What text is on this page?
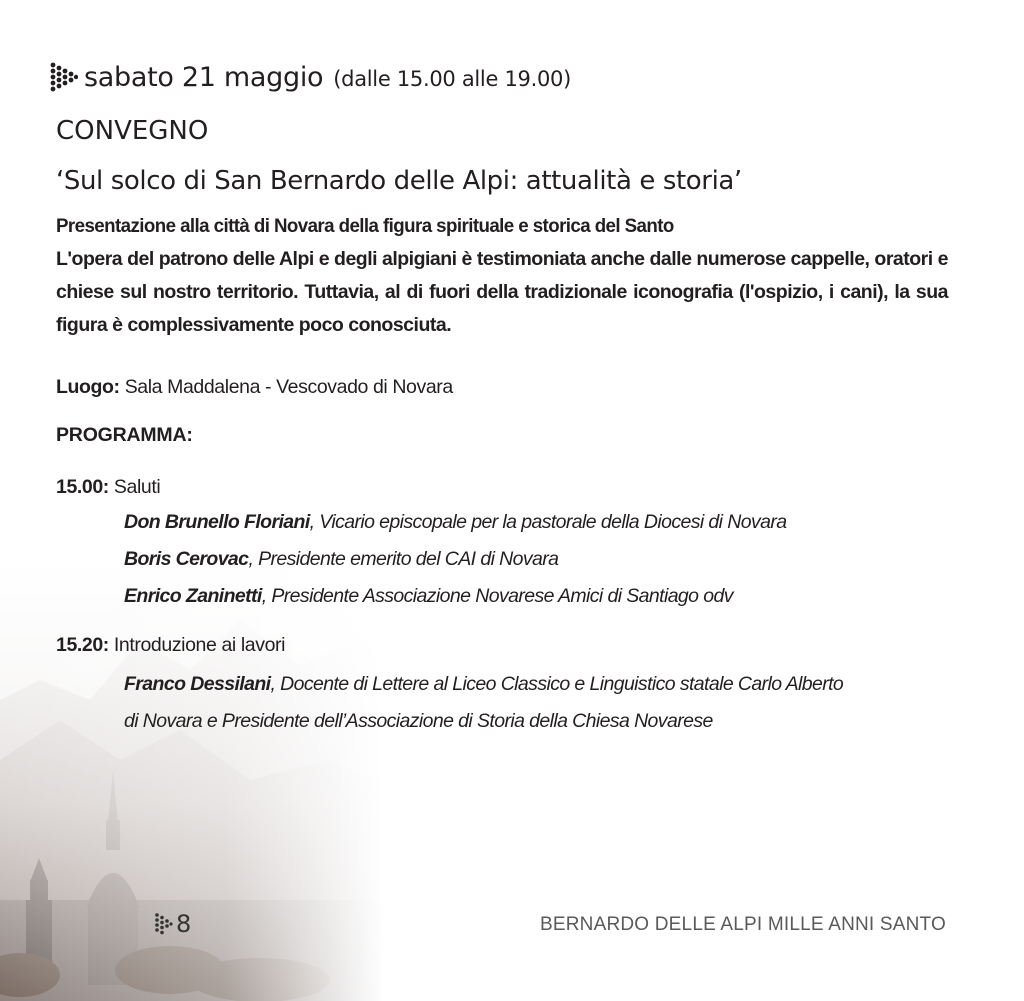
sabato 21 maggio (dalle 15.00 alle 19.00)
CONVEGNO
‘Sul solco di San Bernardo delle Alpi: attualità e storia’
Presentazione alla città di Novara della figura spirituale e storica del Santo
L'opera del patrono delle Alpi e degli alpigiani è testimoniata anche dalle numerose cappelle, oratori e chiese sul nostro territorio. Tuttavia, al di fuori della tradizionale iconografia (l'ospizio, i cani), la sua figura è complessivamente poco conosciuta.
Luogo: Sala Maddalena - Vescovado di Novara
PROGRAMMA:
15.00: Saluti
Don Brunello Floriani, Vicario episcopale per la pastorale della Diocesi di Novara
Boris Cerovac, Presidente emerito del CAI di Novara
Enrico Zaninetti, Presidente Associazione Novarese Amici di Santiago odv
15.20: Introduzione ai lavori
Franco Dessilani, Docente di Lettere al Liceo Classico e Linguistico statale Carlo Alberto
di Novara e Presidente dell’Associazione di Storia della Chiesa Novarese
8	BERNARDO DELLE ALPI MILLE ANNI SANTO
